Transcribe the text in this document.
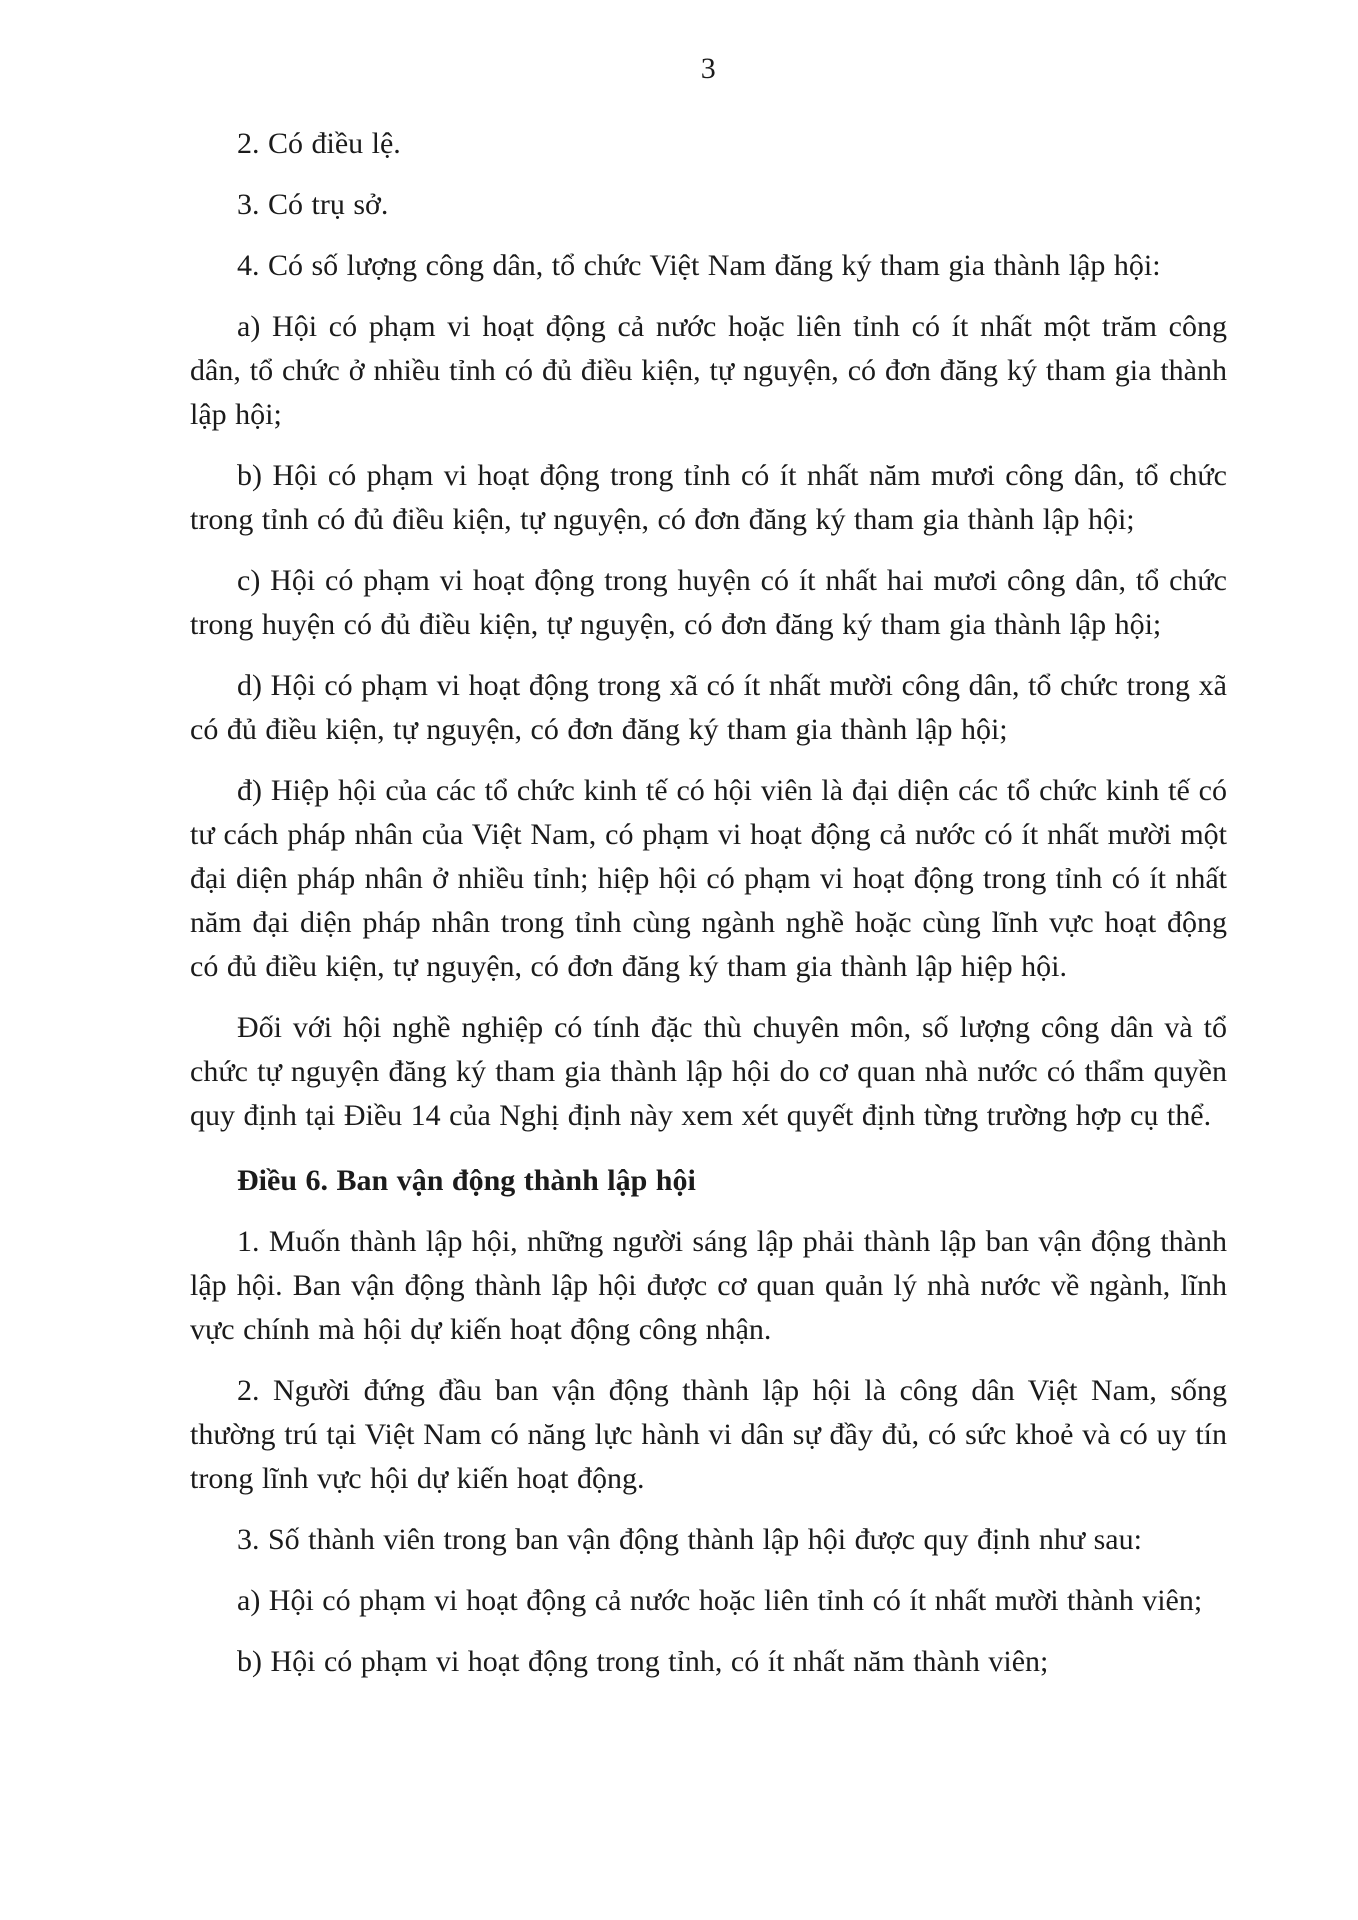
3

2. Có điều lệ.

3. Có trụ sở.

4. Có số lượng công dân, tổ chức Việt Nam đăng ký tham gia thành lập hội:

a) Hội có phạm vi hoạt động cả nước hoặc liên tỉnh có ít nhất một trăm công dân, tổ chức ở nhiều tỉnh có đủ điều kiện, tự nguyện, có đơn đăng ký tham gia thành lập hội;

b) Hội có phạm vi hoạt động trong tỉnh có ít nhất năm mươi công dân, tổ chức trong tỉnh có đủ điều kiện, tự nguyện, có đơn đăng ký tham gia thành lập hội;

c) Hội có phạm vi hoạt động trong huyện có ít nhất hai mươi công dân, tổ chức trong huyện có đủ điều kiện, tự nguyện, có đơn đăng ký tham gia thành lập hội;

d) Hội có phạm vi hoạt động trong xã có ít nhất mười công dân, tổ chức trong xã có đủ điều kiện, tự nguyện, có đơn đăng ký tham gia thành lập hội;

đ) Hiệp hội của các tổ chức kinh tế có hội viên là đại diện các tổ chức kinh tế có tư cách pháp nhân của Việt Nam, có phạm vi hoạt động cả nước có ít nhất mười một đại diện pháp nhân ở nhiều tỉnh; hiệp hội có phạm vi hoạt động trong tỉnh có ít nhất năm đại diện pháp nhân trong tỉnh cùng ngành nghề hoặc cùng lĩnh vực hoạt động có đủ điều kiện, tự nguyện, có đơn đăng ký tham gia thành lập hiệp hội.

Đối với hội nghề nghiệp có tính đặc thù chuyên môn, số lượng công dân và tổ chức tự nguyện đăng ký tham gia thành lập hội do cơ quan nhà nước có thẩm quyền quy định tại Điều 14 của Nghị định này xem xét quyết định từng trường hợp cụ thể.

Điều 6. Ban vận động thành lập hội

1. Muốn thành lập hội, những người sáng lập phải thành lập ban vận động thành lập hội. Ban vận động thành lập hội được cơ quan quản lý nhà nước về ngành, lĩnh vực chính mà hội dự kiến hoạt động công nhận.

2. Người đứng đầu ban vận động thành lập hội là công dân Việt Nam, sống thường trú tại Việt Nam có năng lực hành vi dân sự đầy đủ, có sức khoẻ và có uy tín trong lĩnh vực hội dự kiến hoạt động.

3. Số thành viên trong ban vận động thành lập hội được quy định như sau:

a) Hội có phạm vi hoạt động cả nước hoặc liên tỉnh có ít nhất mười thành viên;

b) Hội có phạm vi hoạt động trong tỉnh, có ít nhất năm thành viên;
